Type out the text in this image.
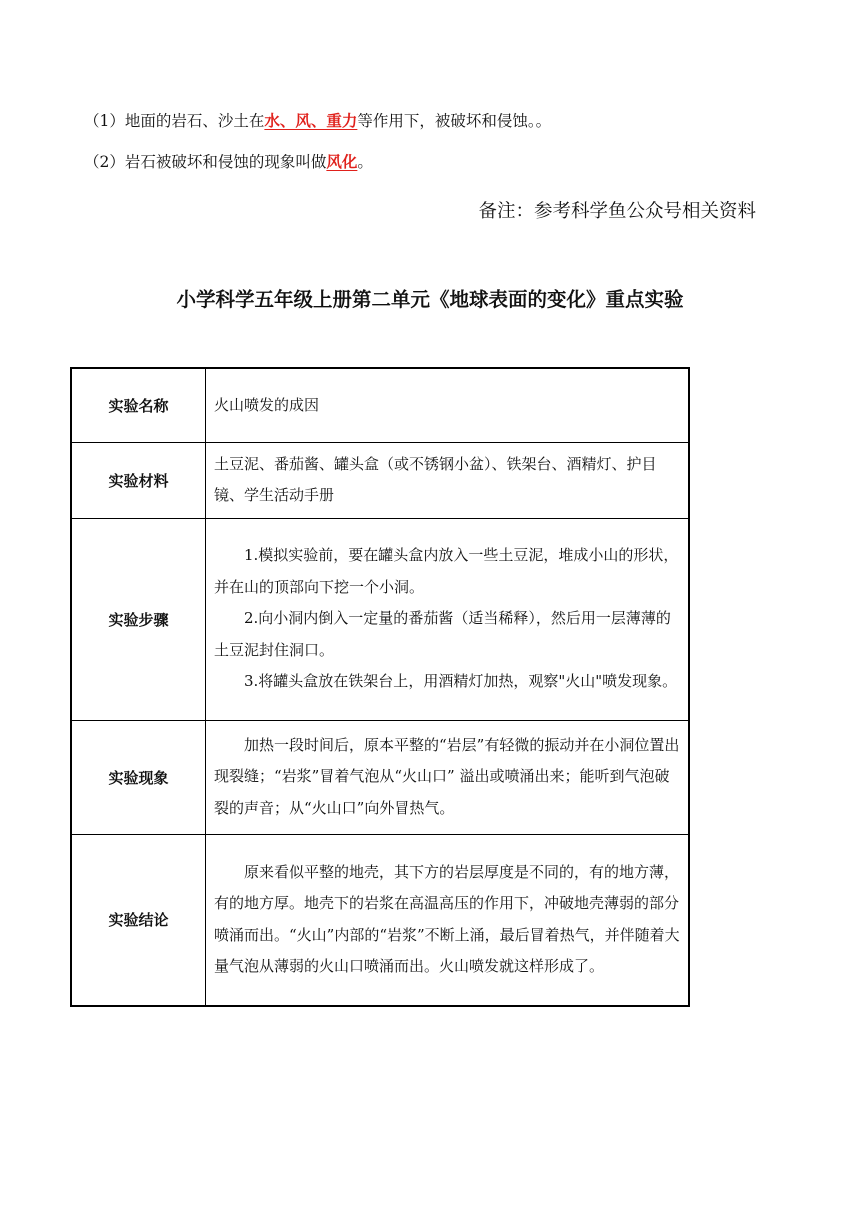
（1）地面的岩石、沙土在水、风、重力等作用下，被破坏和侵蚀。。
（2）岩石被破坏和侵蚀的现象叫做风化。
备注：参考科学鱼公众号相关资料
小学科学五年级上册第二单元《地球表面的变化》重点实验
实验名称	火山喷发的成因
实验材料	土豆泥、番茄酱、罐头盒（或不锈钢小盆）、铁架台、酒精灯、护目镜、学生活动手册
实验步骤	1.模拟实验前，要在罐头盒内放入一些土豆泥，堆成小山的形状，并在山的顶部向下挖一个小洞。
2.向小洞内倒入一定量的番茄酱（适当稀释），然后用一层薄薄的土豆泥封住洞口。
3.将罐头盒放在铁架台上，用酒精灯加热，观察"火山"喷发现象。

实验现象	加热一段时间后，原本平整的“岩层”有轻微的振动并在小洞位置出现裂缝；“岩浆”冒着气泡从“火山口” 溢出或喷涌出来；能听到气泡破裂的声音；从“火山口”向外冒热气。

实验结论	原来看似平整的地壳，其下方的岩层厚度是不同的，有的地方薄，有的地方厚。地壳下的岩浆在高温高压的作用下，冲破地壳薄弱的部分喷涌而出。“火山”内部的“岩浆”不断上涌，最后冒着热气，并伴随着大量气泡从薄弱的火山口喷涌而出。火山喷发就这样形成了。
